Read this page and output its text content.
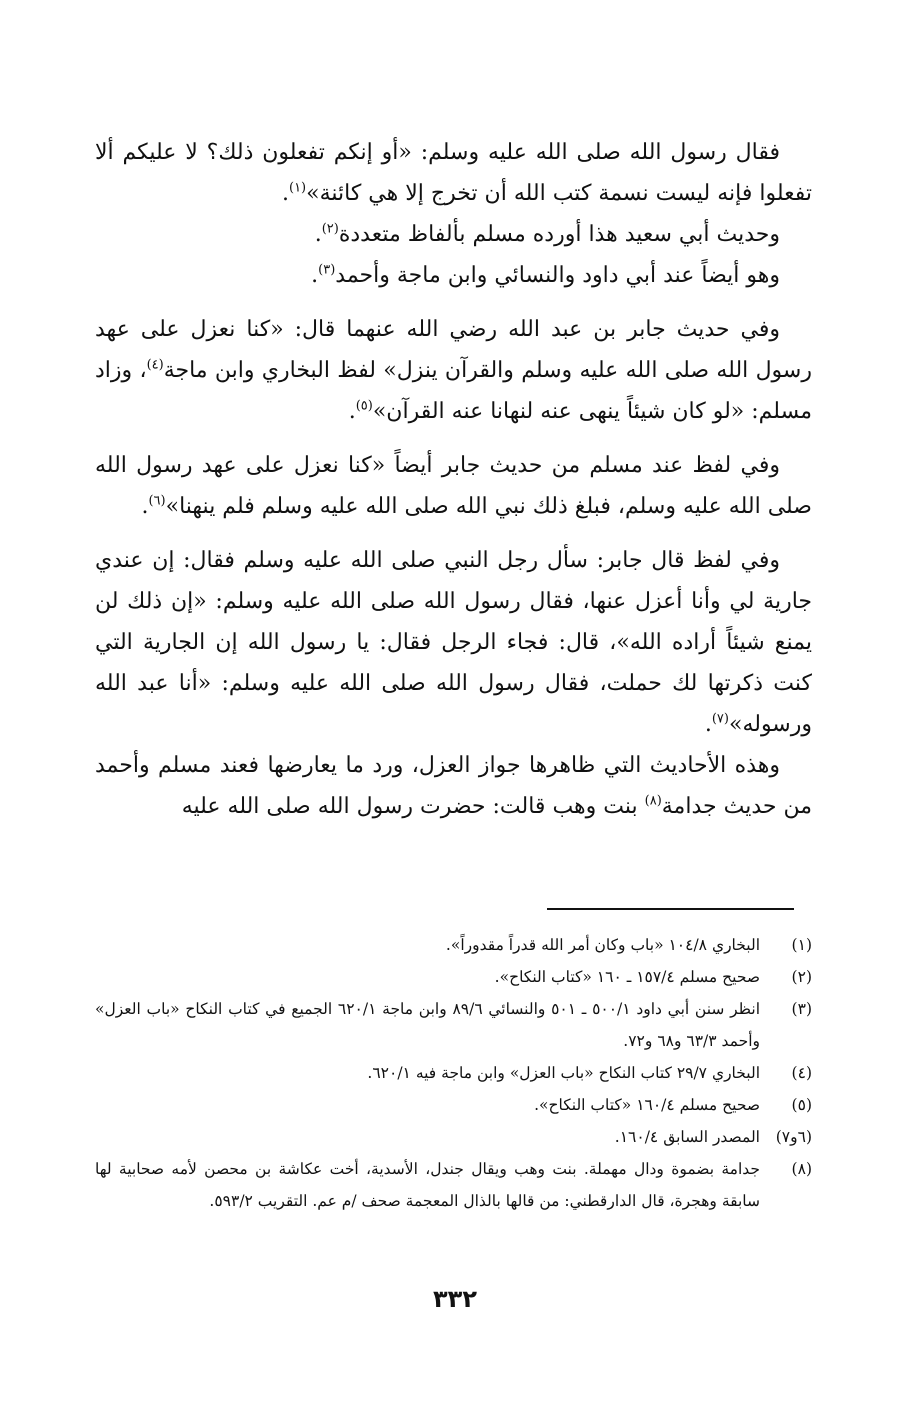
فقال رسول الله صلى الله عليه وسلم: «أو إنكم تفعلون ذلك؟ لا عليكم ألا تفعلوا فإنه ليست نسمة كتب الله أن تخرج إلا هي كائنة»$^{(١)}$.

وحديث أبي سعيد هذا أورده مسلم بألفاظ متعددة$^{(٢)}$.

وهو أيضاً عند أبي داود والنسائي وابن ماجة وأحمد$^{(٣)}$.

وفي حديث جابر بن عبد الله رضي الله عنهما قال: «كنا نعزل على عهد رسول الله صلى الله عليه وسلم والقرآن ينزل» لفظ البخاري وابن ماجة$^{(٤)}$، وزاد مسلم: «لو كان شيئاً ينهى عنه لنهانا عنه القرآن»$^{(٥)}$.

وفي لفظ عند مسلم من حديث جابر أيضاً «كنا نعزل على عهد رسول الله صلى الله عليه وسلم، فبلغ ذلك نبي الله صلى الله عليه وسلم فلم ينهنا»$^{(٦)}$.

وفي لفظ قال جابر: سأل رجل النبي صلى الله عليه وسلم فقال: إن عندي جارية لي وأنا أعزل عنها، فقال رسول الله صلى الله عليه وسلم: «إن ذلك لن يمنع شيئاً أراده الله»، قال: فجاء الرجل فقال: يا رسول الله إن الجارية التي كنت ذكرتها لك حملت، فقال رسول الله صلى الله عليه وسلم: «أنا عبد الله ورسوله»$^{(٧)}$.

وهذه الأحاديث التي ظاهرها جواز العزل، ورد ما يعارضها فعند مسلم وأحمد من حديث جدامة$^{(٨)}$ بنت وهب قالت: حضرت رسول الله صلى الله عليه

(١)
البخاري ١٠٤/٨ «باب وكان أمر الله قدراً مقدوراً».
(٢)
صحيح مسلم ١٥٧/٤ ـ ١٦٠ «كتاب النكاح».
(٣)
انظر سنن أبي داود ٥٠٠/١ ـ ٥٠١ والنسائي ٨٩/٦ وابن ماجة ٦٢٠/١ الجميع في كتاب النكاح «باب العزل» وأحمد ٦٣/٣ و٦٨ و٧٢.
(٤)
البخاري ٢٩/٧ كتاب النكاح «باب العزل» وابن ماجة فيه ٦٢٠/١.
(٥)
صحيح مسلم ١٦٠/٤ «كتاب النكاح».
(٦و٧)
المصدر السابق ١٦٠/٤.
(٨)
جدامة بضموة ودال مهملة. بنت وهب ويقال جندل، الأسدية، أخت عكاشة بن محصن لأمه صحابية لها سابقة وهجرة، قال الدارقطني: من قالها بالذال المعجمة صحف /م عم. التقريب ٥٩٣/٢.
٣٣٢
